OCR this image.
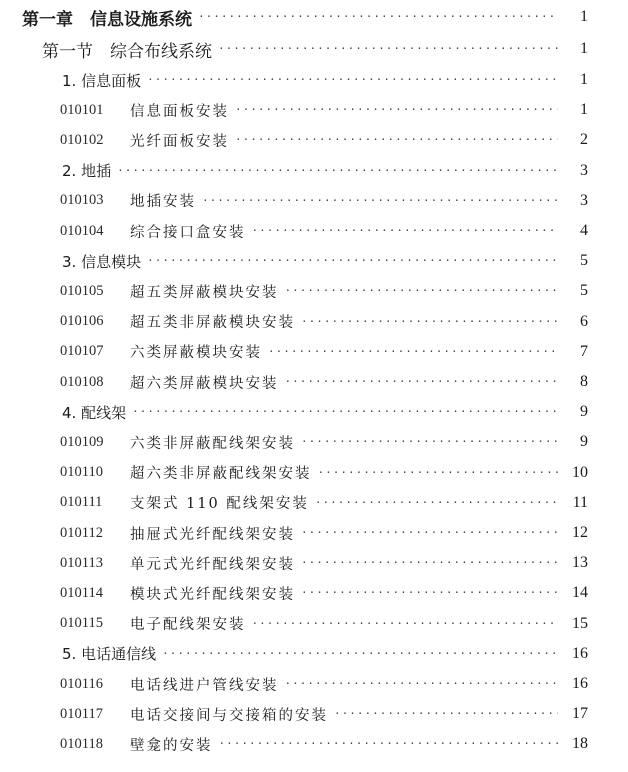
第一章　信息设施系统 ·····	1
第一节　综合布线系统 ·····	1
1. 信息面板 ·····	1
010101	信息面板安装 ·····	1
010102	光纤面板安装 ·····	2
2. 地插 ·····	3
010103	地插安装 ·····	3
010104	综合接口盒安装 ·····	4
3. 信息模块 ·····	5
010105	超五类屏蔽模块安装 ·····	5
010106	超五类非屏蔽模块安装 ·····	6
010107	六类屏蔽模块安装 ·····	7
010108	超六类屏蔽模块安装 ·····	8
4. 配线架 ·····	9
010109	六类非屏蔽配线架安装 ·····	9
010110	超六类非屏蔽配线架安装 ·····	10
010111	支架式 110 配线架安装 ·····	11
010112	抽屉式光纤配线架安装 ·····	12
010113	单元式光纤配线架安装 ·····	13
010114	模块式光纤配线架安装 ·····	14
010115	电子配线架安装 ·····	15
5. 电话通信线 ·····	16
010116	电话线进户管线安装 ·····	16
010117	电话交接间与交接箱的安装 ·····	17
010118	壁龛的安装 ·····	18
